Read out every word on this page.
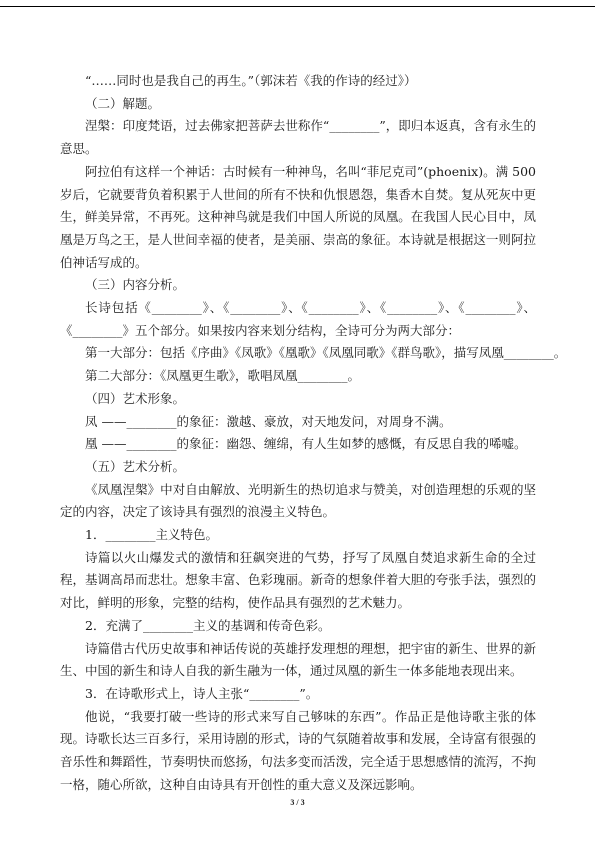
“……同时也是我自己的再生。”（郭沫若《我的作诗的经过》）

（二）解题。

涅槃：印度梵语，过去佛家把菩萨去世称作“________”，即归本返真，含有永生的意思。

阿拉伯有这样一个神话：古时候有一种神鸟，名叫“菲尼克司”(phoenix)。满 500 岁后，它就要背负着积累于人世间的所有不快和仇恨恩怨，集香木自焚。复从死灰中更生，鲜美异常，不再死。这种神鸟就是我们中国人所说的凤凰。在我国人民心目中，凤凰是万鸟之王，是人世间幸福的使者，是美丽、崇高的象征。本诗就是根据这一则阿拉伯神话写成的。

（三）内容分析。

长诗包括《________》、《________》、《________》、《________》、《________》、《________》五个部分。如果按内容来划分结构，全诗可分为两大部分：

第一大部分：包括《序曲》《凤歌》《凰歌》《凤凰同歌》《群鸟歌》，描写凤凰________。

第二大部分：《凤凰更生歌》，歌唱凤凰________。

（四）艺术形象。

凤 ——________的象征：激越、豪放，对天地发问，对周身不满。

凰 ——________的象征：幽怨、缠绵，有人生如梦的感慨，有反思自我的唏嘘。

（五）艺术分析。

《凤凰涅槃》中对自由解放、光明新生的热切追求与赞美，对创造理想的乐观的坚定的内容，决定了该诗具有强烈的浪漫主义特色。

1．________主义特色。

诗篇以火山爆发式的激情和狂飙突进的气势，抒写了凤凰自焚追求新生命的全过程，基调高昂而悲壮。想象丰富、色彩瑰丽。新奇的想象伴着大胆的夸张手法，强烈的对比，鲜明的形象，完整的结构，使作品具有强烈的艺术魅力。

2．充满了________主义的基调和传奇色彩。

诗篇借古代历史故事和神话传说的英雄抒发理想的理想，把宇宙的新生、世界的新生、中国的新生和诗人自我的新生融为一体，通过凤凰的新生一体多能地表现出来。

3．在诗歌形式上，诗人主张“________”。

他说，“我要打破一些诗的形式来写自己够味的东西”。作品正是他诗歌主张的体现。诗歌长达三百多行，采用诗剧的形式，诗的气氛随着故事和发展，全诗富有很强的音乐性和舞蹈性，节奏明快而悠扬，句法多变而活泼，完全适于思想感情的流泻，不拘一格，随心所欲，这种自由诗具有开创性的重大意义及深远影响。

3 / 3
